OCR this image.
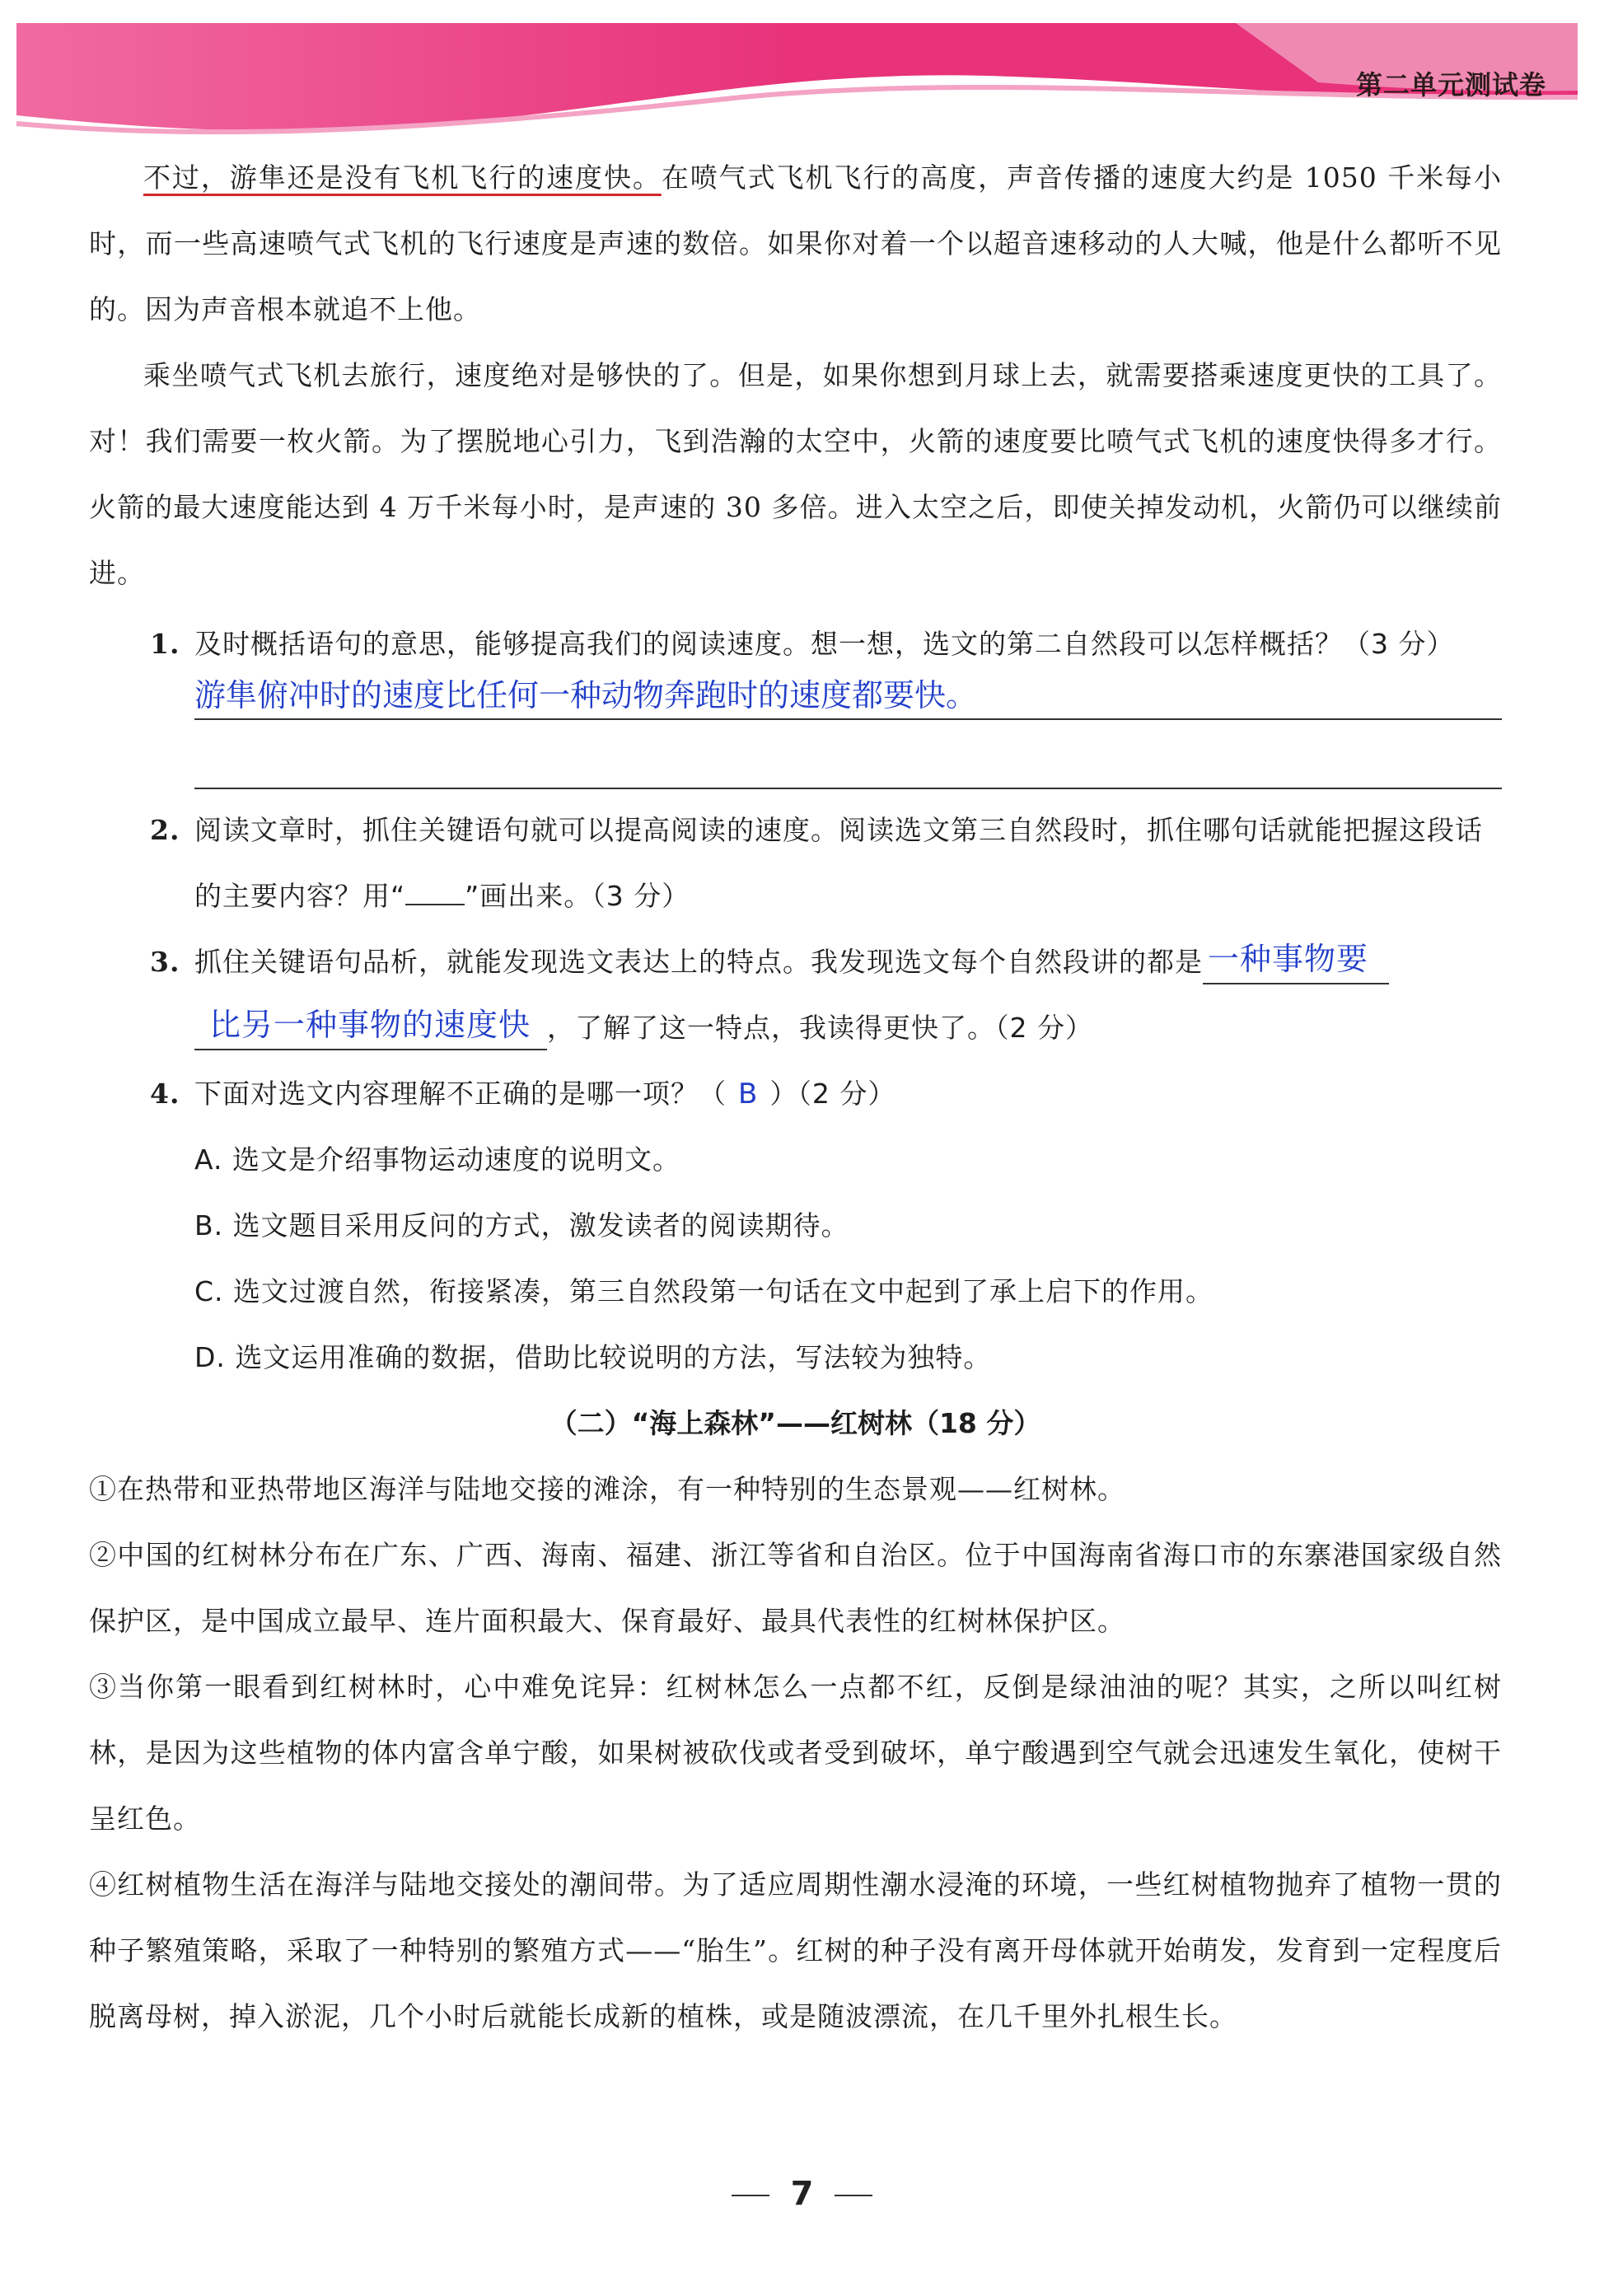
第二单元测试卷

不过，游隼还是没有飞机飞行的速度快。在喷气式飞机飞行的高度，声音传播的速度大约是 1050 千米每小时，而一些高速喷气式飞机的飞行速度是声速的数倍。如果你对着一个以超音速移动的人大喊，他是什么都听不见的。因为声音根本就追不上他。

乘坐喷气式飞机去旅行，速度绝对是够快的了。但是，如果你想到月球上去，就需要搭乘速度更快的工具了。对！我们需要一枚火箭。为了摆脱地心引力，飞到浩瀚的太空中，火箭的速度要比喷气式飞机的速度快得多才行。火箭的最大速度能达到 4 万千米每小时，是声速的 30 多倍。进入太空之后，即使关掉发动机，火箭仍可以继续前进。

1. 及时概括语句的意思，能够提高我们的阅读速度。想一想，选文的第二自然段可以怎样概括？（3 分）
游隼俯冲时的速度比任何一种动物奔跑时的速度都要快。
2. 阅读文章时，抓住关键语句就可以提高阅读的速度。阅读选文第三自然段时，抓住哪句话就能把握这段话的主要内容？用“ ”画出来。（3 分）
3. 抓住关键语句品析，就能发现选文表达上的特点。我发现选文每个自然段讲的都是 一种事物要

比另一种事物的速度快 ，了解了这一特点，我读得更快了。（2 分）
4. 下面对选文内容理解不正确的是哪一项？（ B ）（2 分）

A. 选文是介绍事物运动速度的说明文。

B. 选文题目采用反问的方式，激发读者的阅读期待。

C. 选文过渡自然，衔接紧凑，第三自然段第一句话在文中起到了承上启下的作用。

D. 选文运用准确的数据，借助比较说明的方法，写法较为独特。

（二）“海上森林”——红树林（18 分）

①在热带和亚热带地区海洋与陆地交接的滩涂，有一种特别的生态景观——红树林。

②中国的红树林分布在广东、广西、海南、福建、浙江等省和自治区。位于中国海南省海口市的东寨港国家级自然保护区，是中国成立最早、连片面积最大、保育最好、最具代表性的红树林保护区。

③当你第一眼看到红树林时，心中难免诧异：红树林怎么一点都不红，反倒是绿油油的呢？其实，之所以叫红树林，是因为这些植物的体内富含单宁酸，如果树被砍伐或者受到破坏，单宁酸遇到空气就会迅速发生氧化，使树干呈红色。

④红树植物生活在海洋与陆地交接处的潮间带。为了适应周期性潮水浸淹的环境，一些红树植物抛弃了植物一贯的种子繁殖策略，采取了一种特别的繁殖方式——“胎生”。红树的种子没有离开母体就开始萌发，发育到一定程度后脱离母树，掉入淤泥，几个小时后就能长成新的植株，或是随波漂流，在几千里外扎根生长。

7
